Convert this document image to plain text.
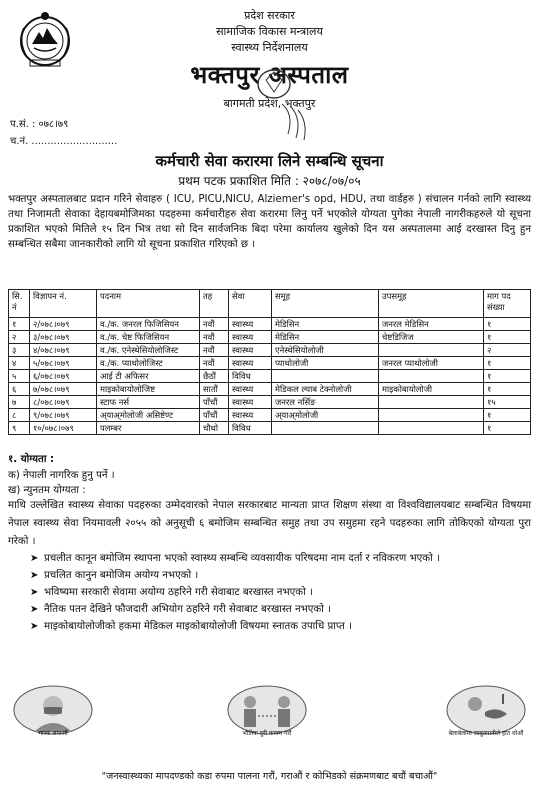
प्रदेश सरकार
सामाजिक विकास मन्त्रालय
स्वास्थ्य निर्देशनालय
भक्तपुर अस्पताल
बागमती प्रदेश, भक्तपुर
प.सं. : ०७८।७९
च.नं. ...........................
कर्मचारी सेवा करारमा लिने सम्बन्धि सूचना
प्रथम पटक प्रकाशित मिति : २०७८/०७/०५
भक्तपुर अस्पतालबाट प्रदान गरिने सेवाहरु ( ICU, PICU,NICU, Alziemer's opd, HDU, तथा वार्डहरु ) संचालन गर्नको लागि स्वास्थ्य तथा निजामती सेवाका देहायबमोजिमका पदहरुमा कर्मचारीहरु सेवा करारमा लिनु पर्ने भएकोले योग्यता पुगेका नेपाली नागरीकहरुले यो सूचना प्रकाशित भएको मितिले १५ दिन भित्र तथा सो दिन सार्वजनिक बिदा परेमा कार्यालय खुलेको दिन यस अस्पतालमा आई दरखास्त दिनु हुन सम्बन्धित सबैमा जानकारीको लागि यो सूचना प्रकाशित गरिएको छ ।
सि. नं	विज्ञापन नं.	पदनाम	तह	सेवा	समूह	उपसमूह	माग पद संख्या
१	२/०७८।०७९	व./क. जनरल फिजिसियन	नवौं	स्वास्थ्य	मेडिसिन	जनरल मेडिसिन	१
२	३/०७८।०७९	व./क. चेष्ट फिजिसियन	नवौं	स्वास्थ्य	मेडिसिन	चेष्टडिजिज	१
३	४/०७८।०७९	व./क. एनेस्थेसियोलोजिस्ट	नवौं	स्वास्थ्य	एनेस्थेसियोलोजी		२
४	५/०७८।०७९	व./क. प्याथोलोजिस्ट	नवौं	स्वास्थ्य	प्याथोलोजी	जनरल प्याथोलोजी	१
५	६/०७८।०७९	आई टी अफिसर	छैठौं	विविध			१
६	७/०७८।०७९	माइकोबायोलोजिष्ट	सातौं	स्वास्थ्य	मेडिकल ल्याब टेक्नोलोजी	माइकोबायोलोजी	१
७	८/०७८।०७९	स्टाफ नर्स	पाँचौं	स्वास्थ्य	जनरल नर्सिङ		१५
८	९/०७८।०७९	अ्याअ्मोलोजी असिष्टेण्ट	पाँचौं	स्वास्थ्य	अ्याअ्मोलोजी		१
९	१०/०७८।०७९	पलम्बर	चौथो	विविध			१
१. योग्यता :
क) नेपाली नागरिक हुनु पर्ने ।
ख) न्युनतम योग्यता :
माथि उल्लेखित स्वास्थ्य सेवाका पदहरुका उम्मेदवारको नेपाल सरकारबाट मान्यता प्राप्त शिक्षण संस्था वा विश्वविद्यालयबाट सम्बन्धित विषयमा नेपाल स्वास्थ्य सेवा नियमावली २०५५ को अनुसूची ६ बमोजिम सम्बन्धित समुह तथा उप समुहमा रहने पदहरुका लागि तोकिएको योग्यता पुरा गरेको ।
➤ प्रचलीत कानून बमोजिम स्थापना भएको स्वास्थ्य सम्बन्धि व्यवसायीक परिषदमा नाम दर्ता र नविकरण भएको ।
➤ प्रचलित कानुन बमोजिम अयोग्य नभएको ।
➤ भविष्यमा सरकारी सेवामा अयोग्य ठहरिने गरी सेवाबाट बरखास्त नभएको ।
➤ नैतिक पतन देखिने फौजदारी अभियोग ठहरिने गरी सेवाबाट बरखास्त नभएको ।
➤ माइकोबायोलोजीको हकमा मेडिकल माइकोबायोलोजी विषयमा स्नातक उपाधि प्राप्त ।
मास्क लगाऔं	भौतिक दुरी कायम गरौं	बेलाबेलामा साबुनपानीले हात धोऔं
"जनस्वास्थ्यका मापदण्डको कडा रुपमा पालना गरौं, गराऔं र कोभिडको संक्रमणबाट बचौं बचाऔं"
